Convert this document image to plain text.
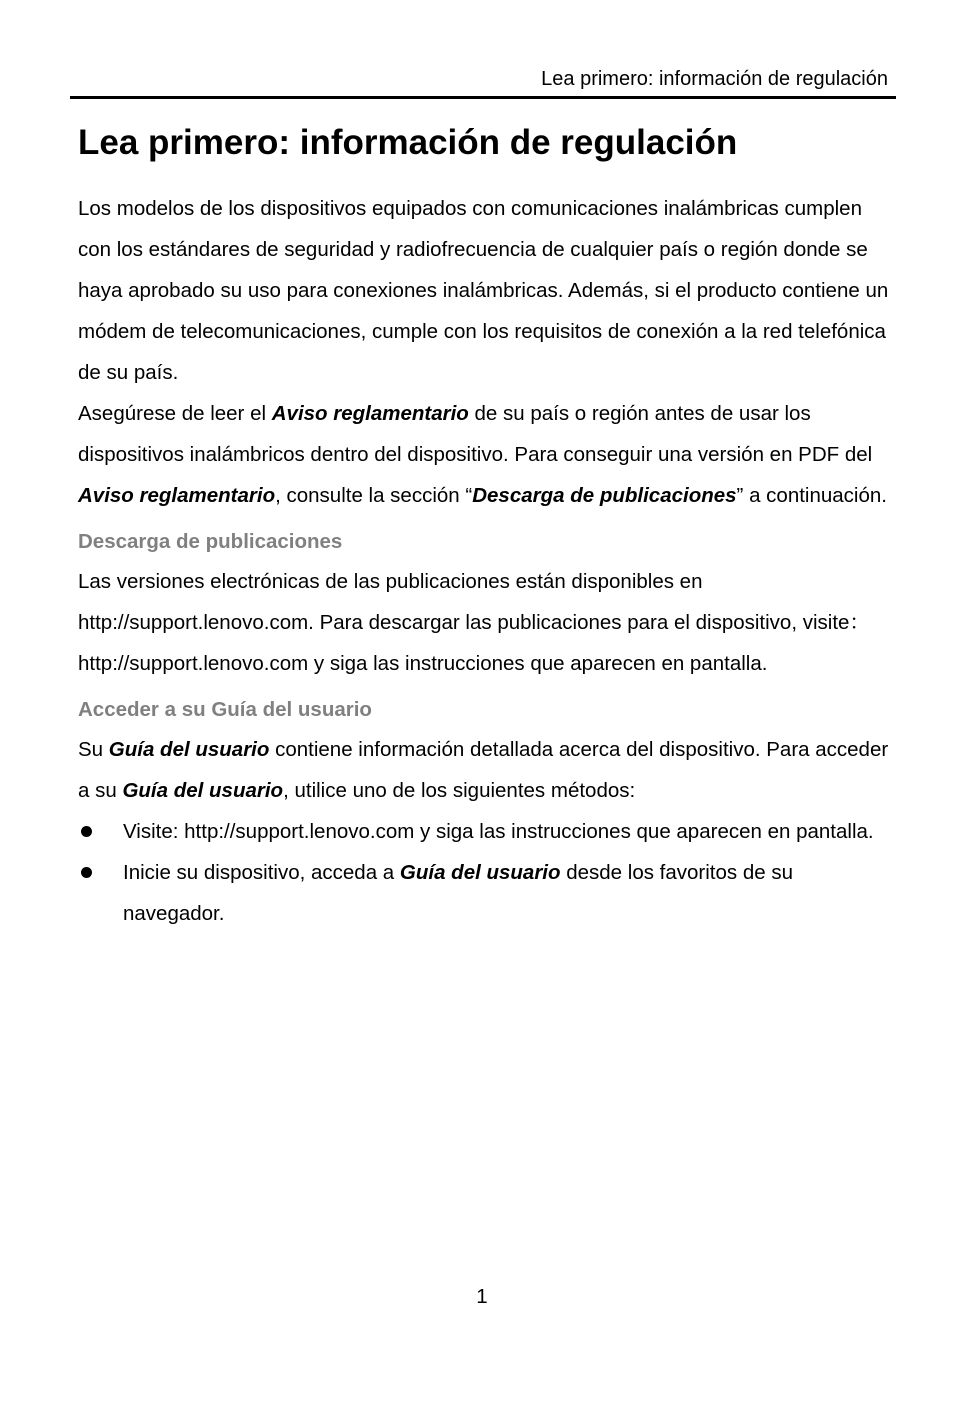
Lea primero: información de regulación
Lea primero: información de regulación

Los modelos de los dispositivos equipados con comunicaciones inalámbricas cumplen con los estándares de seguridad y radiofrecuencia de cualquier país o región donde se haya aprobado su uso para conexiones inalámbricas. Además, si el producto contiene un módem de telecomunicaciones, cumple con los requisitos de conexión a la red telefónica de su país.

Asegúrese de leer el Aviso reglamentario de su país o región antes de usar los dispositivos inalámbricos dentro del dispositivo. Para conseguir una versión en PDF del Aviso reglamentario, consulte la sección “Descarga de publicaciones” a continuación.

Descarga de publicaciones

Las versiones electrónicas de las publicaciones están disponibles en http://support.lenovo.com. Para descargar las publicaciones para el dispositivo, visite：http://support.lenovo.com y siga las instrucciones que aparecen en pantalla.

Acceder a su Guía del usuario

Su Guía del usuario contiene información detallada acerca del dispositivo. Para acceder a su Guía del usuario, utilice uno de los siguientes métodos:

Visite: http://support.lenovo.com y siga las instrucciones que aparecen en pantalla.
Inicie su dispositivo, acceda a Guía del usuario desde los favoritos de su navegador.
1
